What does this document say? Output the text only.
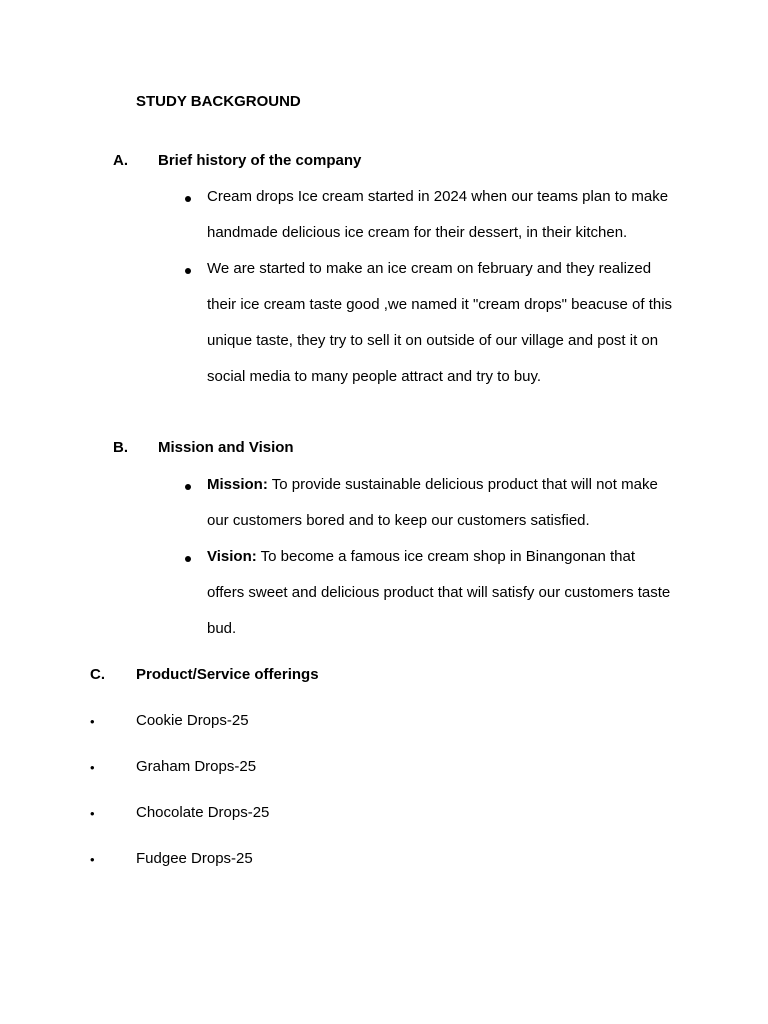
STUDY BACKGROUND
A. Brief history of the company
Cream drops Ice cream started in 2024 when our teams plan to make
handmade delicious ice cream for their dessert, in their kitchen.
We are started to make an ice cream on february and they realized
their ice cream taste good ,we named it "cream drops" beacuse of this
unique taste, they try to sell it on outside of our village and post it on
social media to many people attract and try to buy.
B. Mission and Vision
Mission: To provide sustainable delicious product that will not make
our customers bored and to keep our customers satisfied.
Vision: To become a famous ice cream shop in Binangonan that
offers sweet and delicious product that will satisfy our customers taste
bud.
C. Product/Service offerings
•	Cookie Drops-25
•	Graham Drops-25
•	Chocolate Drops-25
•	Fudgee Drops-25
